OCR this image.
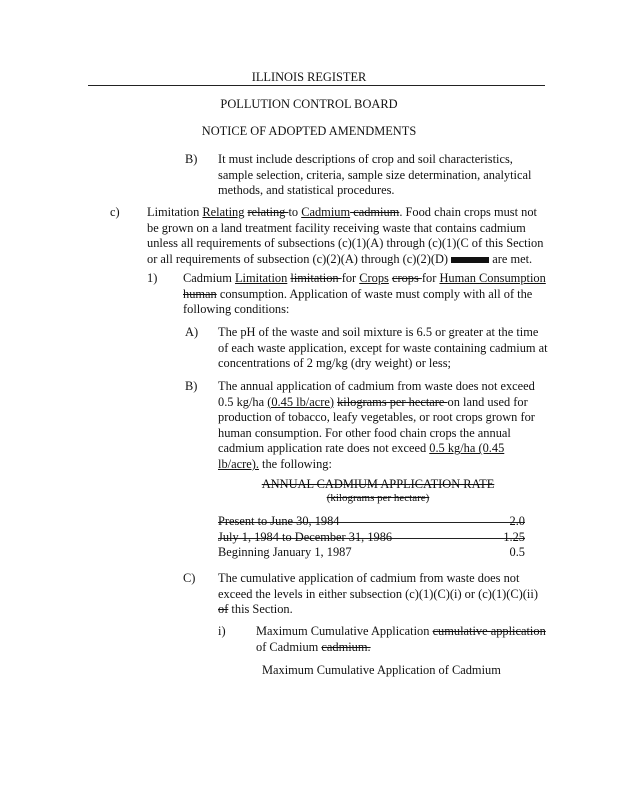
ILLINOIS REGISTER
POLLUTION CONTROL BOARD
NOTICE OF ADOPTED AMENDMENTS
B) It must include descriptions of crop and soil characteristics, sample selection, criteria, sample size determination, analytical methods, and statistical procedures.
c) Limitation Relating relating to Cadmium cadmium. Food chain crops must not be grown on a land treatment facility receiving waste that contains cadmium unless all requirements of subsections (c)(1)(A) through (c)(1)(C of this Section or all requirements of subsection (c)(2)(A) through (c)(2)(D)	are met.
1) Cadmium Limitation limitation for Crops crops for Human Consumption human consumption. Application of waste must comply with all of the following conditions:
A) The pH of the waste and soil mixture is 6.5 or greater at the time of each waste application, except for waste containing cadmium at concentrations of 2 mg/kg (dry weight) or less;
B) The annual application of cadmium from waste does not exceed 0.5 kg/ha (0.45 lb/acre) kilograms per hectare on land used for production of tobacco, leafy vegetables, or root crops grown for human consumption. For other food chain crops the annual cadmium application rate does not exceed 0.5 kg/ha (0.45 lb/acre). the following:
ANNUAL CADMIUM APPLICATION RATE
(kilograms per hectare)
Present to June 30, 1984	2.0
July 1, 1984 to December 31, 1986	1.25
Beginning January 1, 1987	0.5
C) The cumulative application of cadmium from waste does not exceed the levels in either subsection (c)(1)(C)(i) or (c)(1)(C)(ii) of this Section.
i) Maximum Cumulative Application cumulative application of Cadmium cadmium.
Maximum Cumulative Application of Cadmium
